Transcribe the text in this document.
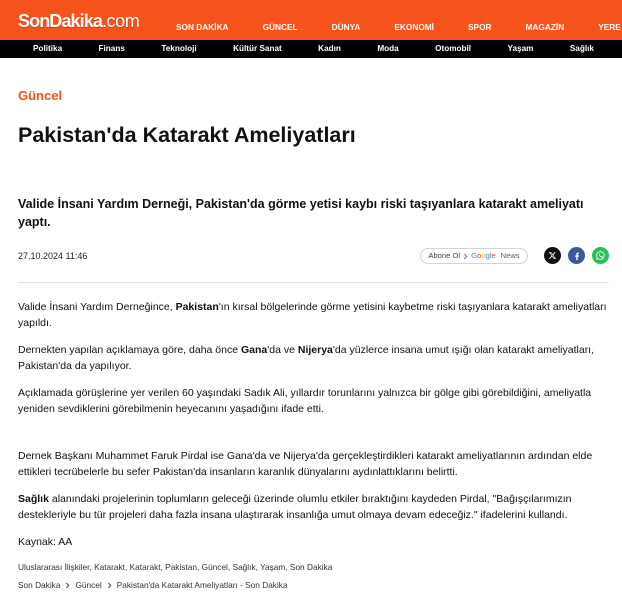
SonDakika.com	SON DAKİKA	GÜNCEL	DÜNYA	EKONOMİ	SPOR	MAGAZİN	YERE
Politika	Finans	Teknoloji	Kültür Sanat	Kadın	Moda	Otomobil	Yaşam	Sağlık
Güncel
Pakistan'da Katarakt Ameliyatları
Valide İnsani Yardım Derneği, Pakistan'da görme yetisi kaybı riski taşıyanlara katarakt ameliyatı yaptı.
27.10.2024 11:46	Abone Ol G o o g l e News

Valide İnsani Yardım Derneğince, Pakistan'ın kırsal bölgelerinde görme yetisini kaybetme riski taşıyanlara katarakt ameliyatları yapıldı.

Dernekten yapılan açıklamaya göre, daha önce Gana'da ve Nijerya'da yüzlerce insana umut ışığı olan katarakt ameliyatları, Pakistan'da da yapılıyor.

Açıklamada görüşlerine yer verilen 60 yaşındaki Sadık Ali, yıllardır torunlarını yalnızca bir gölge gibi görebildiğini, ameliyatla yeniden sevdiklerini görebilmenin heyecanını yaşadığını ifade etti.

Dernek Başkanı Muhammet Faruk Pirdal ise Gana'da ve Nijerya'da gerçekleştirdikleri katarakt ameliyatlarının ardından elde ettikleri tecrübelerle bu sefer Pakistan'da insanların karanlık dünyalarını aydınlattıklarını belirtti.

Sağlık alanındaki projelerinin toplumların geleceği üzerinde olumlu etkiler bıraktığını kaydeden Pirdal, "Bağışçılarımızın destekleriyle bu tür projeleri daha fazla insana ulaştırarak insanlığa umut olmaya devam edeceğiz." ifadelerini kullandı.

Kaynak: AA

Uluslararası İlişkiler, Katarakt, Katarakt, Pakistan, Güncel, Sağlık, Yaşam, Son Dakika
Son Dakika Güncel Pakistan'da Katarakt Ameliyatları - Son Dakika
